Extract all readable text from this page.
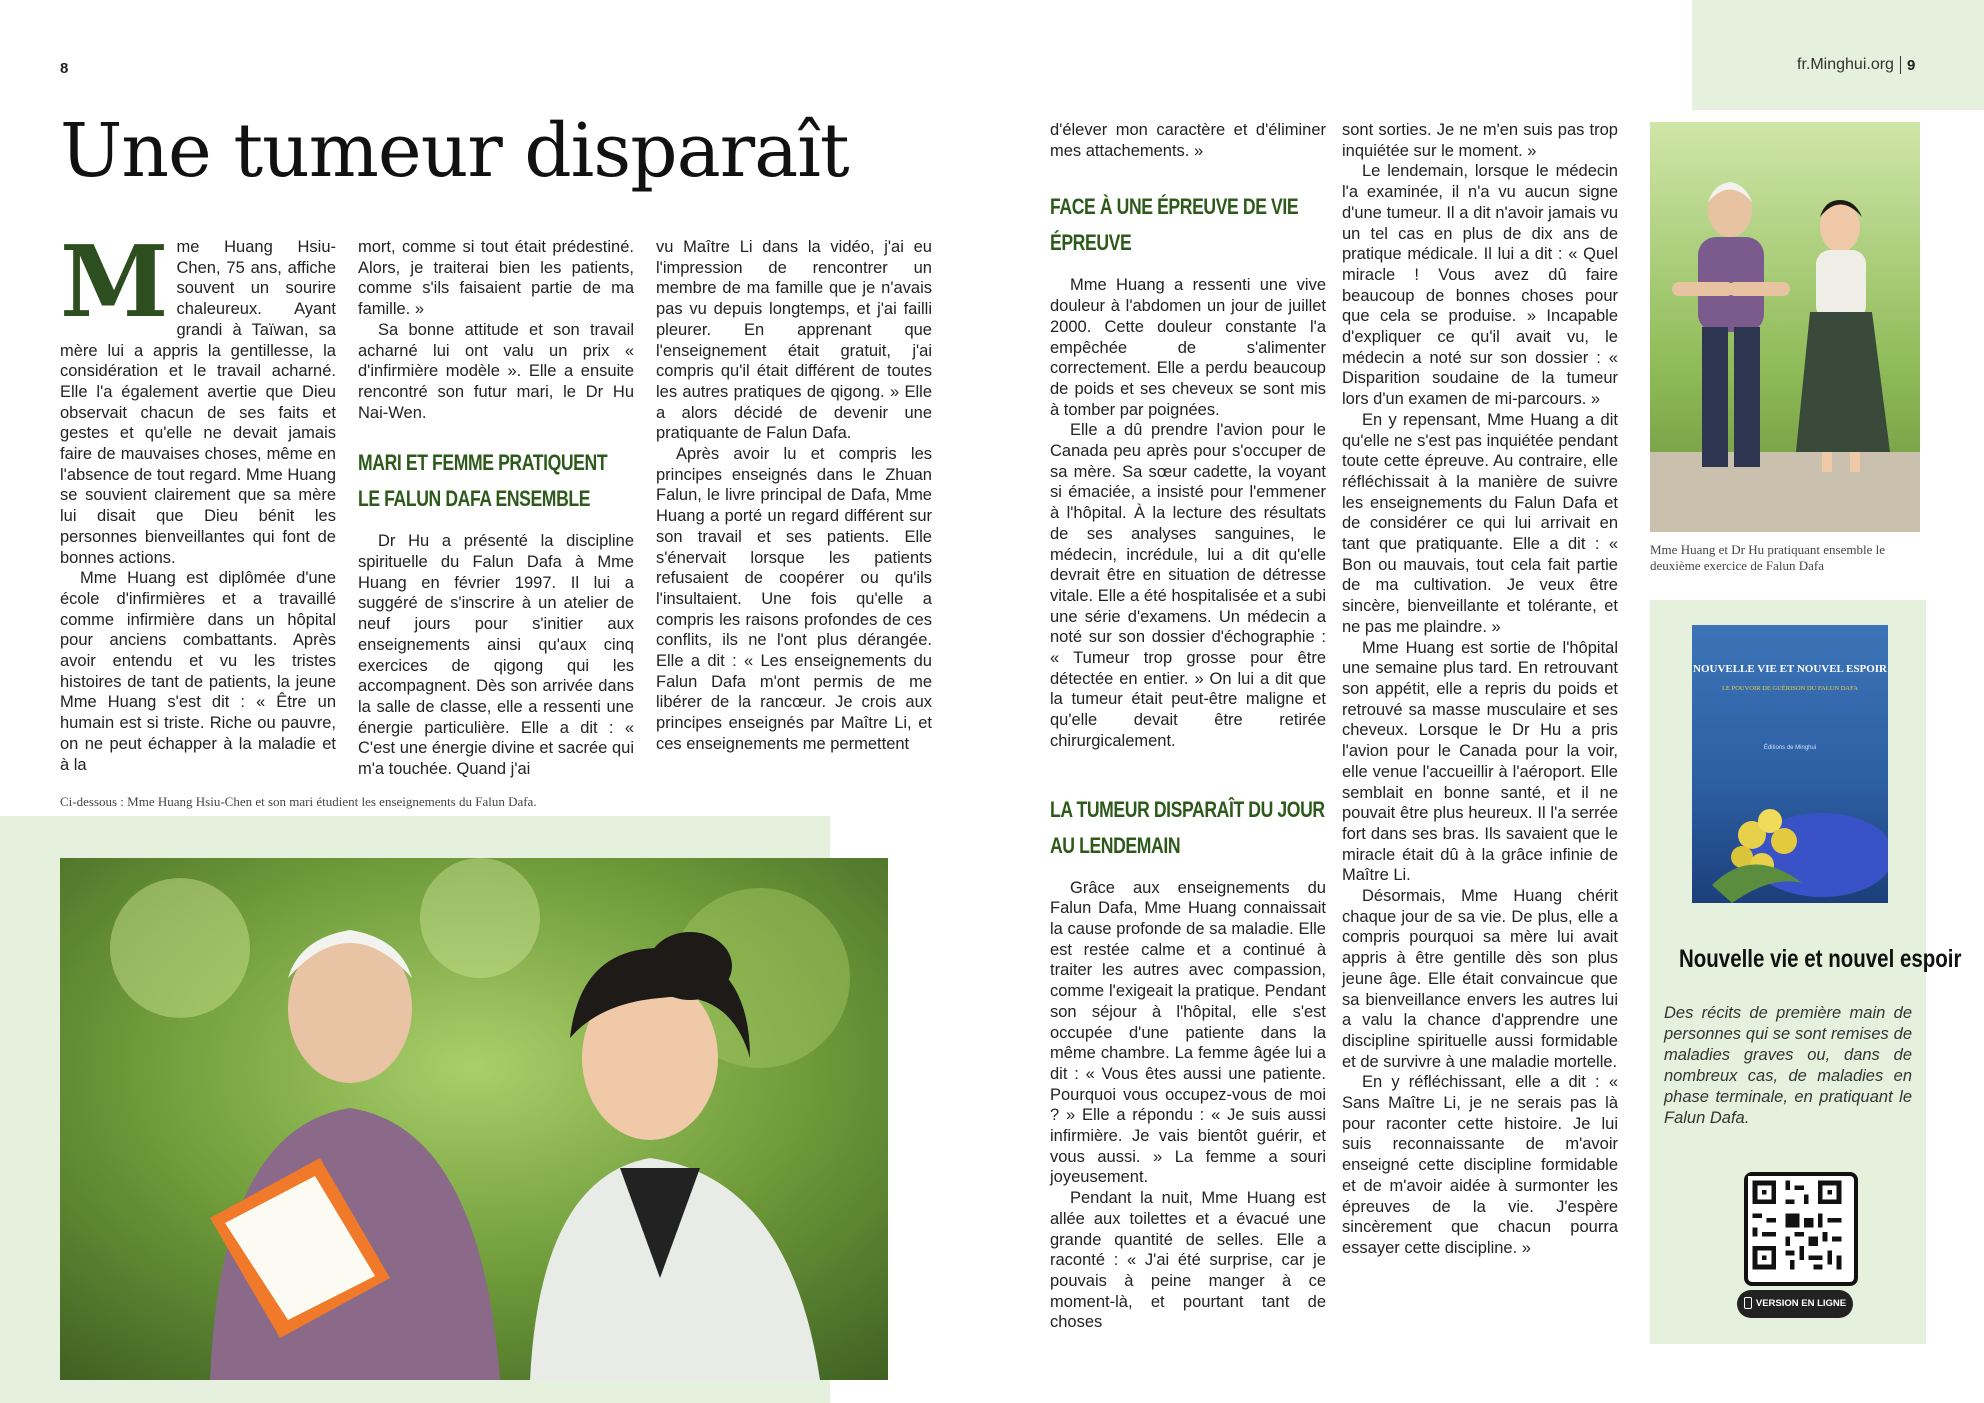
8	fr.Minghui.org 9
Une tumeur disparaît
M me Huang Hsiu-Chen, 75 ans, affiche souvent un sourire chaleureux. Ayant grandi à Taïwan, sa mère lui a appris la gentillesse, la considération et le travail acharné. Elle l'a également avertie que Dieu observait chacun de ses faits et gestes et qu'elle ne devait jamais faire de mauvaises choses, même en l'absence de tout regard. Mme Huang se souvient clairement que sa mère lui disait que Dieu bénit les personnes bienveillantes qui font de bonnes actions.

Mme Huang est diplômée d'une école d'infirmières et a travaillé comme infirmière dans un hôpital pour anciens combattants. Après avoir entendu et vu les tristes histoires de tant de patients, la jeune Mme Huang s'est dit : « Être un humain est si triste. Riche ou pauvre, on ne peut échapper à la maladie et à la

mort, comme si tout était prédestiné. Alors, je traiterai bien les patients, comme s'ils faisaient partie de ma famille. »

Sa bonne attitude et son travail acharné lui ont valu un prix « d'infirmière modèle ». Elle a ensuite rencontré son futur mari, le Dr Hu Nai-Wen.

MARI ET FEMME PRATIQUENT
LE FALUN DAFA ENSEMBLE

Dr Hu a présenté la discipline spirituelle du Falun Dafa à Mme Huang en février 1997. Il lui a suggéré de s'inscrire à un atelier de neuf jours pour s'initier aux enseignements ainsi qu'aux cinq exercices de qigong qui les accompagnent. Dès son arrivée dans la salle de classe, elle a ressenti une énergie particulière. Elle a dit : « C'est une énergie divine et sacrée qui m'a touchée. Quand j'ai

vu Maître Li dans la vidéo, j'ai eu l'impression de rencontrer un membre de ma famille que je n'avais pas vu depuis longtemps, et j'ai failli pleurer. En apprenant que l'enseignement était gratuit, j'ai compris qu'il était différent de toutes les autres pratiques de qigong. » Elle a alors décidé de devenir une pratiquante de Falun Dafa.

Après avoir lu et compris les principes enseignés dans le Zhuan Falun, le livre principal de Dafa, Mme Huang a porté un regard différent sur son travail et ses patients. Elle s'énervait lorsque les patients refusaient de coopérer ou qu'ils l'insultaient. Une fois qu'elle a compris les raisons profondes de ces conflits, ils ne l'ont plus dérangée. Elle a dit : « Les enseignements du Falun Dafa m'ont permis de me libérer de la rancœur. Je crois aux principes enseignés par Maître Li, et ces enseignements me permettent

Ci-dessous : Mme Huang Hsiu-Chen et son mari étudient les enseignements du Falun Dafa.

d'élever mon caractère et d'éliminer mes attachements. »

FACE À UNE ÉPREUVE DE VIE
ÉPREUVE

Mme Huang a ressenti une vive douleur à l'abdomen un jour de juillet 2000. Cette douleur constante l'a empêchée de s'alimenter correctement. Elle a perdu beaucoup de poids et ses cheveux se sont mis à tomber par poignées.

Elle a dû prendre l'avion pour le Canada peu après pour s'occuper de sa mère. Sa sœur cadette, la voyant si émaciée, a insisté pour l'emmener à l'hôpital. À la lecture des résultats de ses analyses sanguines, le médecin, incrédule, lui a dit qu'elle devrait être en situation de détresse vitale. Elle a été hospitalisée et a subi une série d'examens. Un médecin a noté sur son dossier d'échographie : « Tumeur trop grosse pour être détectée en entier. » On lui a dit que la tumeur était peut-être maligne et qu'elle devait être retirée chirurgicalement.

LA TUMEUR DISPARAÎT DU JOUR
AU LENDEMAIN

Grâce aux enseignements du Falun Dafa, Mme Huang connaissait la cause profonde de sa maladie. Elle est restée calme et a continué à traiter les autres avec compassion, comme l'exigeait la pratique. Pendant son séjour à l'hôpital, elle s'est occupée d'une patiente dans la même chambre. La femme âgée lui a dit : « Vous êtes aussi une patiente. Pourquoi vous occupez-vous de moi ? » Elle a répondu : « Je suis aussi infirmière. Je vais bientôt guérir, et vous aussi. » La femme a souri joyeusement.

Pendant la nuit, Mme Huang est allée aux toilettes et a évacué une grande quantité de selles. Elle a raconté : « J'ai été surprise, car je pouvais à peine manger à ce moment-là, et pourtant tant de choses

sont sorties. Je ne m'en suis pas trop inquiétée sur le moment. »

Le lendemain, lorsque le médecin l'a examinée, il n'a vu aucun signe d'une tumeur. Il a dit n'avoir jamais vu un tel cas en plus de dix ans de pratique médicale. Il lui a dit : « Quel miracle ! Vous avez dû faire beaucoup de bonnes choses pour que cela se produise. » Incapable d'expliquer ce qu'il avait vu, le médecin a noté sur son dossier : « Disparition soudaine de la tumeur lors d'un examen de mi-parcours. »

En y repensant, Mme Huang a dit qu'elle ne s'est pas inquiétée pendant toute cette épreuve. Au contraire, elle réfléchissait à la manière de suivre les enseignements du Falun Dafa et de considérer ce qui lui arrivait en tant que pratiquante. Elle a dit : « Bon ou mauvais, tout cela fait partie de ma cultivation. Je veux être sincère, bienveillante et tolérante, et ne pas me plaindre. »

Mme Huang est sortie de l'hôpital une semaine plus tard. En retrouvant son appétit, elle a repris du poids et retrouvé sa masse musculaire et ses cheveux. Lorsque le Dr Hu a pris l'avion pour le Canada pour la voir, elle venue l'accueillir à l'aéroport. Elle semblait en bonne santé, et il ne pouvait être plus heureux. Il l'a serrée fort dans ses bras. Ils savaient que le miracle était dû à la grâce infinie de Maître Li.

Désormais, Mme Huang chérit chaque jour de sa vie. De plus, elle a compris pourquoi sa mère lui avait appris à être gentille dès son plus jeune âge. Elle était convaincue que sa bienveillance envers les autres lui a valu la chance d'apprendre une discipline spirituelle aussi formidable et de survivre à une maladie mortelle.

En y réfléchissant, elle a dit : « Sans Maître Li, je ne serais pas là pour raconter cette histoire. Je lui suis reconnaissante de m'avoir enseigné cette discipline formidable et de m'avoir aidée à surmonter les épreuves de la vie. J'espère sincèrement que chacun pourra essayer cette discipline. »

Mme Huang et Dr Hu pratiquant ensemble le deuxième exercice de Falun Dafa
NOUVELLE VIE ET NOUVEL ESPOIR
LE POUVOIR DE GUÉRISON DU FALUN DAFA
Éditions de Minghui
Nouvelle vie et nouvel espoir
Des récits de première main de personnes qui se sont remises de maladies graves ou, dans de nombreux cas, de maladies en phase terminale, en pratiquant le Falun Dafa.
VERSION EN LIGNE
